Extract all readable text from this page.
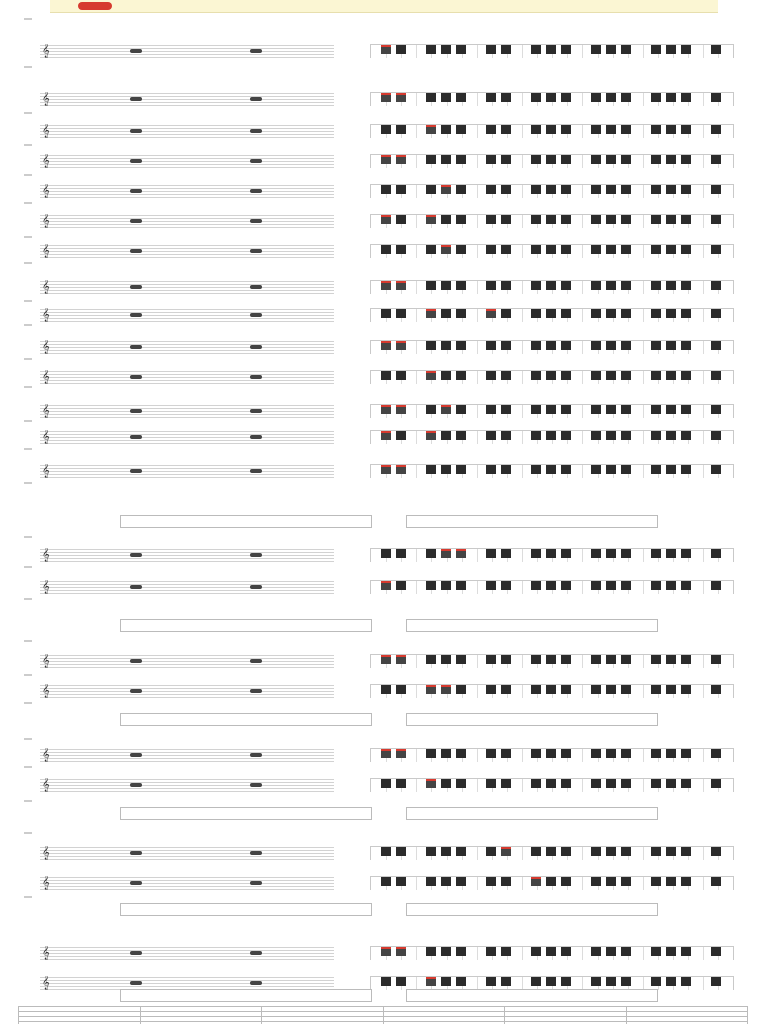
𝄞
𝄞
𝄞
𝄞
𝄞
𝄞
𝄞
𝄞
𝄞
𝄞
𝄞
𝄞
𝄞
𝄞
𝄞
𝄞
𝄞
𝄞
𝄞
𝄞
𝄞
𝄞
𝄞
𝄞
